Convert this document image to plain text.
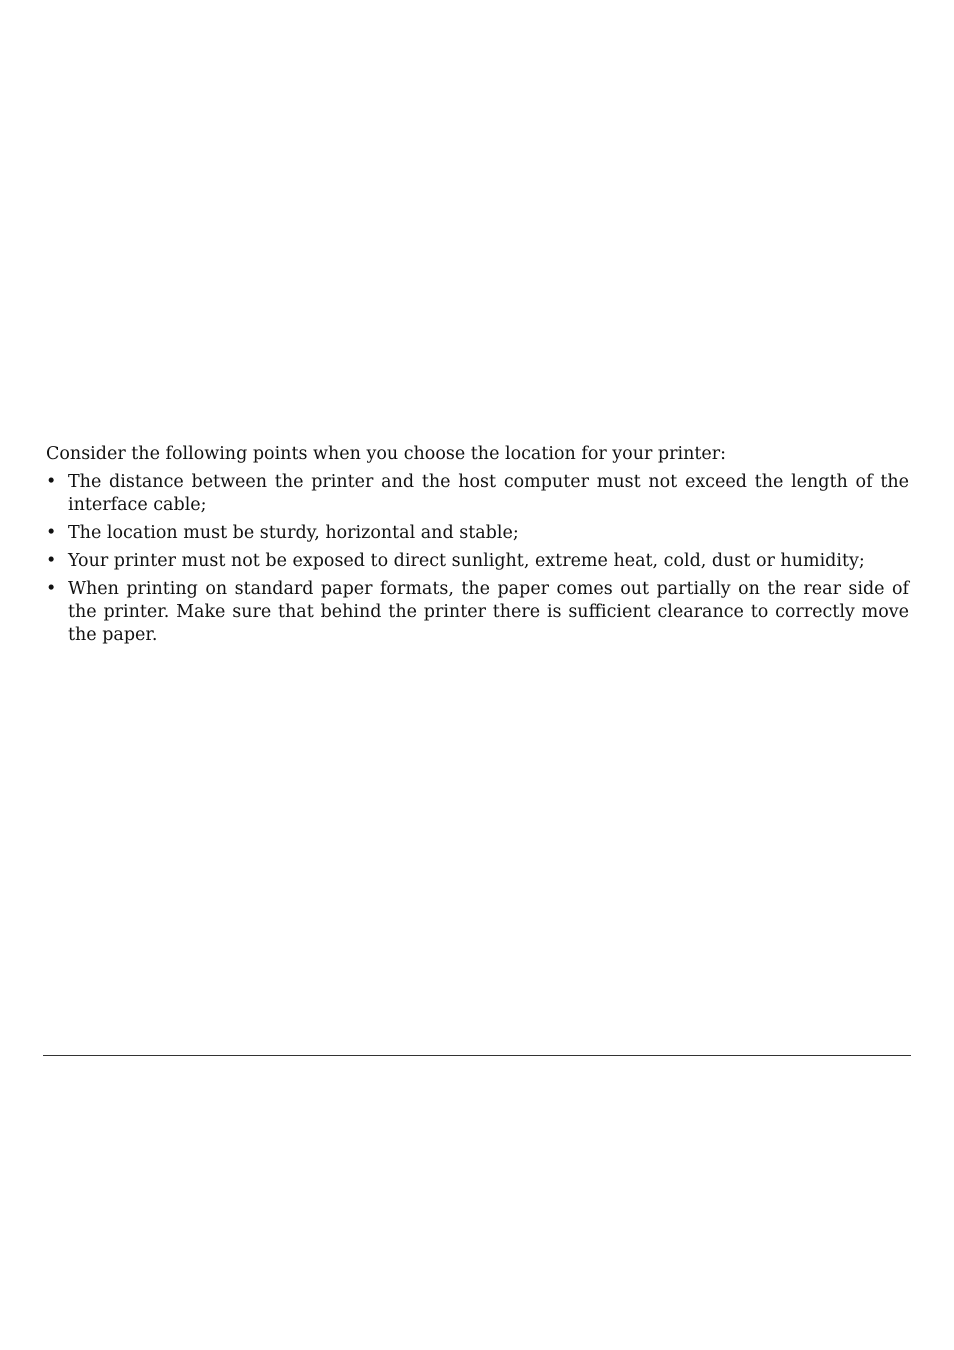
Consider the following points when you choose the location for your printer:

• The distance between the printer and the host computer must not exceed the length of the interface cable;
• The location must be sturdy, horizontal and stable;
• Your printer must not be exposed to direct sunlight, extreme heat, cold, dust or humidity;
• When printing on standard paper formats, the paper comes out partially on the rear side of the printer. Make sure that behind the printer there is sufficient clearance to correctly move the paper.
